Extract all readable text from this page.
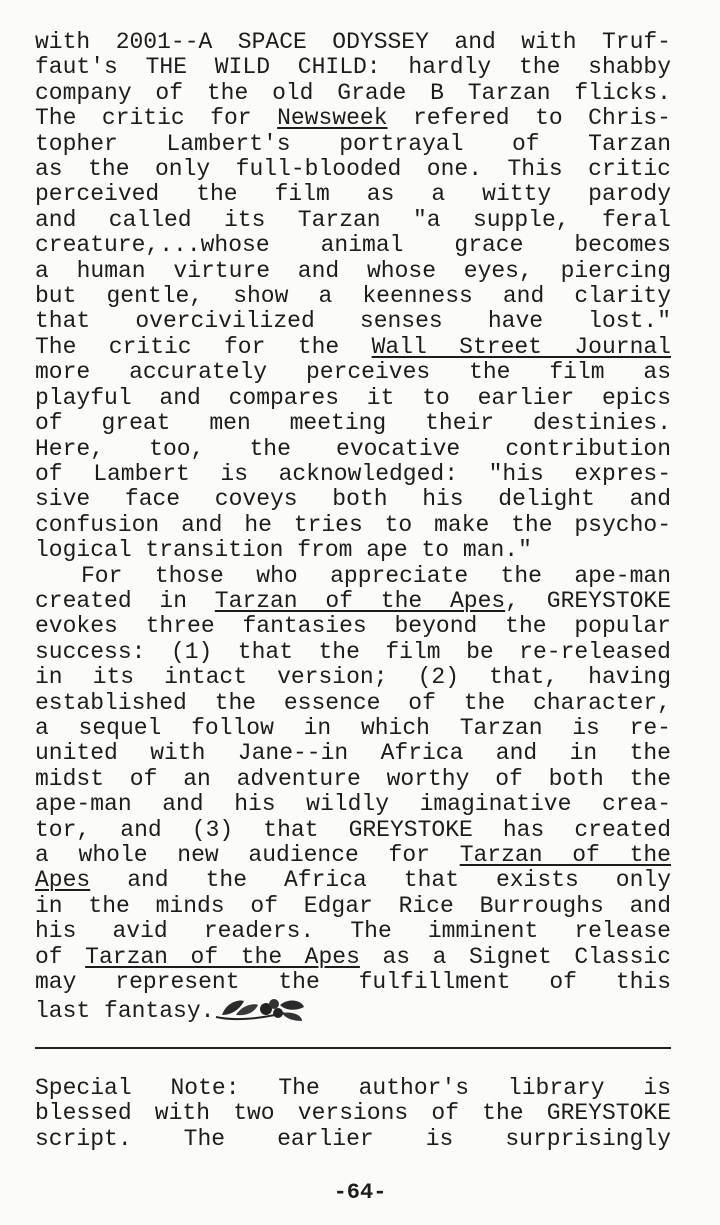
with 2001--A SPACE ODYSSEY and with Truf-
faut's THE WILD CHILD: hardly the shabby
company of the old Grade B Tarzan flicks.
The critic for Newsweek refered to Chris-
topher Lambert's portrayal of Tarzan
as the only full-blooded one. This critic
perceived the film as a witty parody
and called its Tarzan "a supple, feral
creature,...whose animal grace becomes
a human virture and whose eyes, piercing
but gentle, show a keenness and clarity
that overcivilized senses have lost."
The critic for the Wall Street Journal
more accurately perceives the film as
playful and compares it to earlier epics
of great men meeting their destinies.
Here, too, the evocative contribution
of Lambert is acknowledged: "his expres-
sive face coveys both his delight and
confusion and he tries to make the psycho-
logical transition from ape to man."
For those who appreciate the ape-man
created in Tarzan of the Apes, GREYSTOKE
evokes three fantasies beyond the popular
success: (1) that the film be re-released
in its intact version; (2) that, having
established the essence of the character,
a sequel follow in which Tarzan is re-
united with Jane--in Africa and in the
midst of an adventure worthy of both the
ape-man and his wildly imaginative crea-
tor, and (3) that GREYSTOKE has created
a whole new audience for Tarzan of the
Apes and the Africa that exists only
in the minds of Edgar Rice Burroughs and
his avid readers. The imminent release
of Tarzan of the Apes as a Signet Classic
may represent the fulfillment of this
last fantasy.
Special Note: The author's library is
blessed with two versions of the GREYSTOKE
script. The earlier is surprisingly
-64-
